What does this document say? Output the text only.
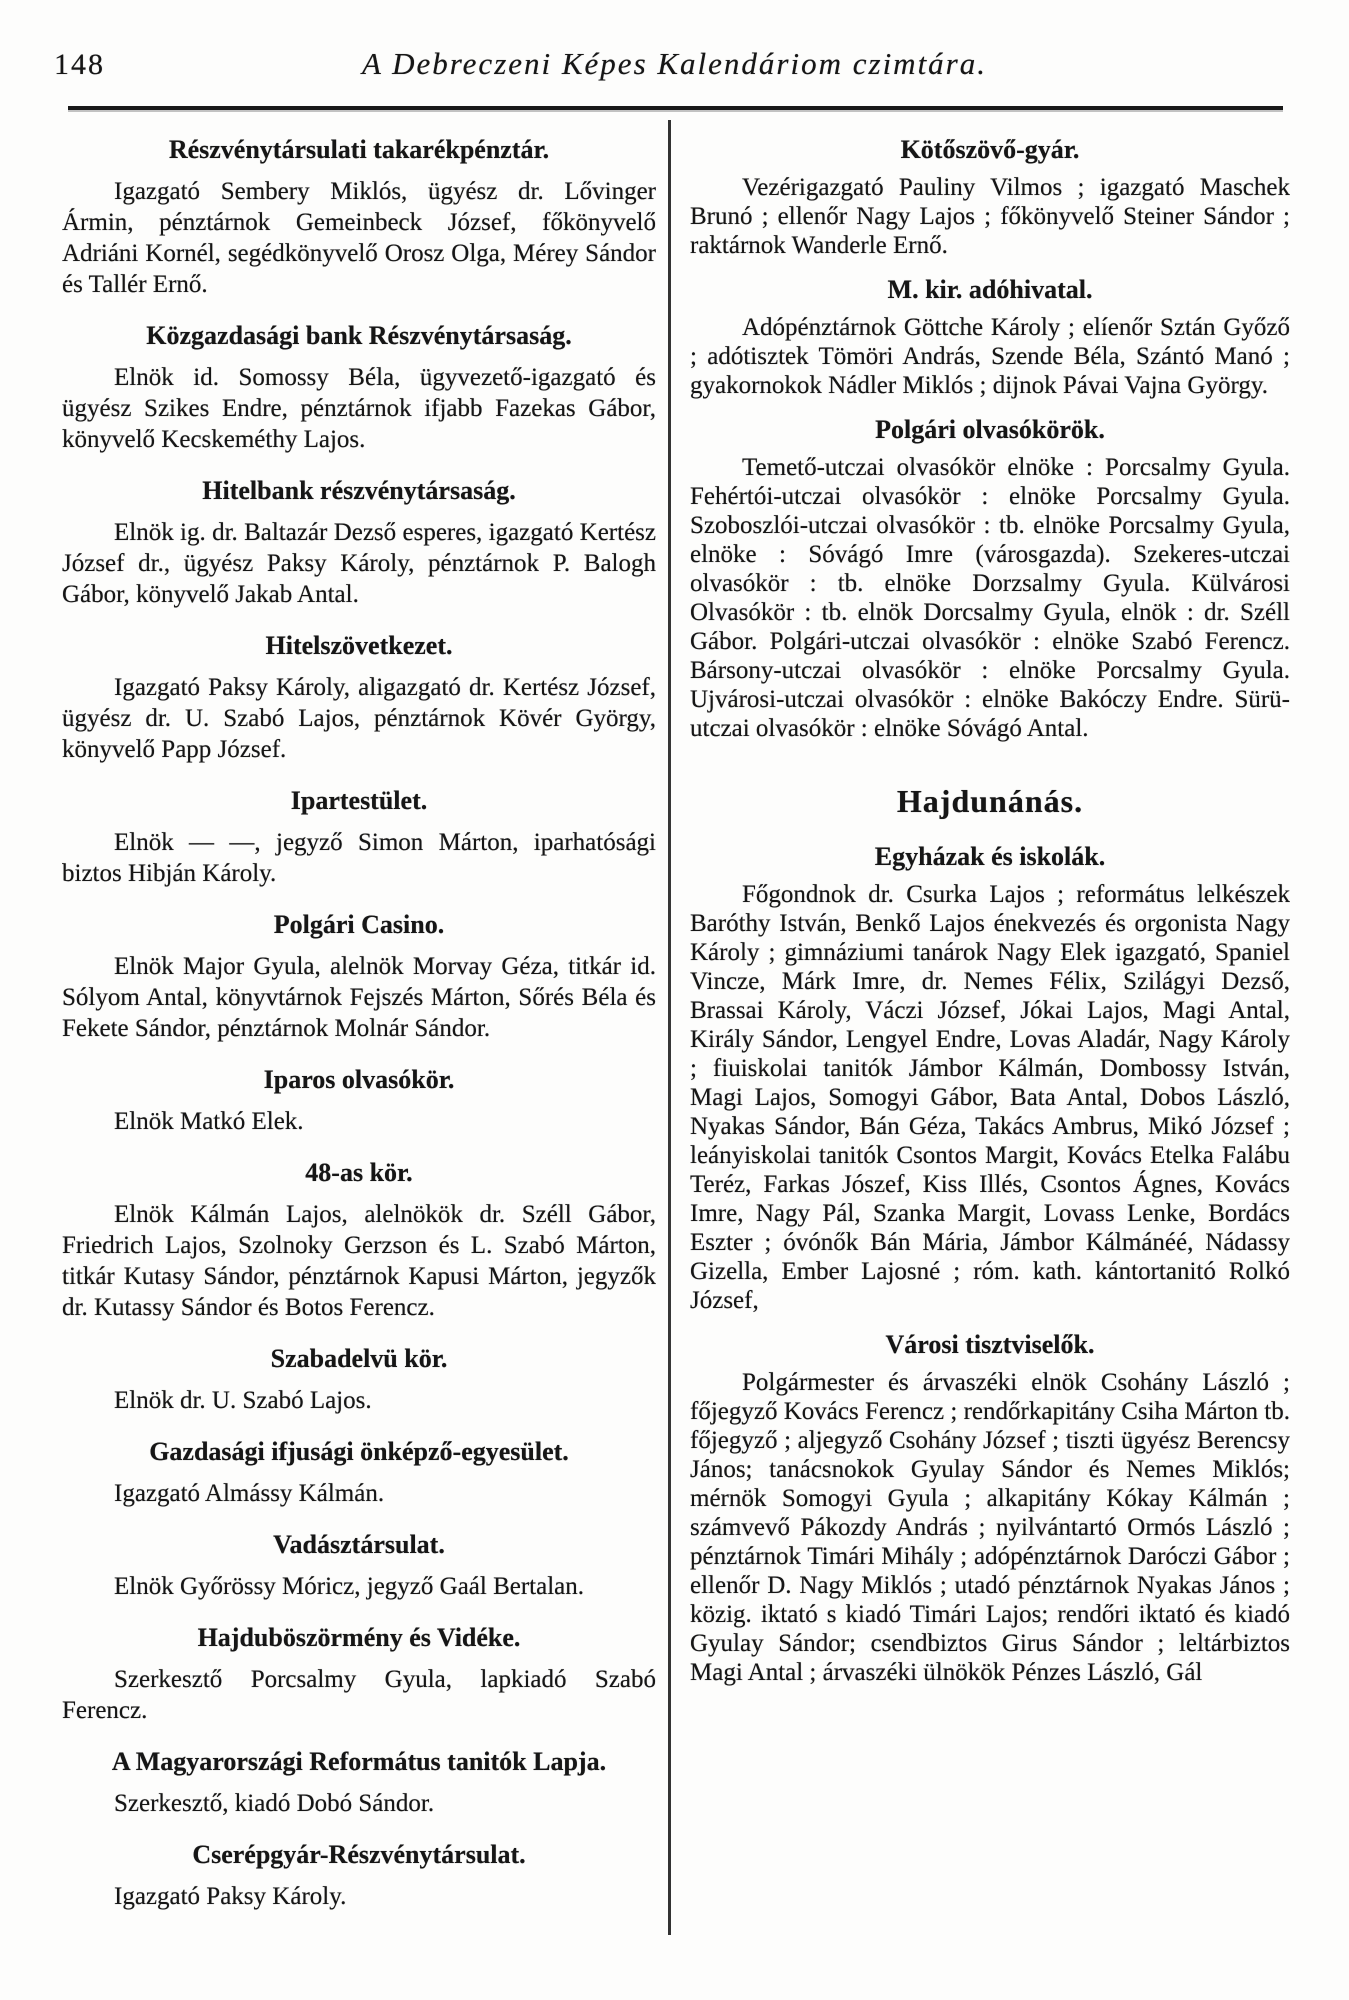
148	A Debreczeni Képes Kalendáriom czimtára.
Részvénytársulati takarékpénztár.

Igazgató Sembery Miklós, ügyész dr. Lővinger Ármin, pénztárnok Gemeinbeck József, főkönyvelő Adriáni Kornél, segédkönyvelő Orosz Olga, Mérey Sándor és Tallér Ernő.

Közgazdasági bank Részvénytársaság.

Elnök id. Somossy Béla, ügyvezető-igazgató és ügyész Szikes Endre, pénztárnok ifjabb Fazekas Gábor, könyvelő Kecskeméthy Lajos.

Hitelbank részvénytársaság.

Elnök ig. dr. Baltazár Dezső esperes, igazgató Kertész József dr., ügyész Paksy Károly, pénztárnok P. Balogh Gábor, könyvelő Jakab Antal.

Hitelszövetkezet.

Igazgató Paksy Károly, aligazgató dr. Kertész József, ügyész dr. U. Szabó Lajos, pénztárnok Kövér György, könyvelő Papp József.

Ipartestület.

Elnök — —, jegyző Simon Márton, iparhatósági biztos Hibján Károly.

Polgári Casino.

Elnök Major Gyula, alelnök Morvay Géza, titkár id. Sólyom Antal, könyvtárnok Fejszés Márton, Sőrés Béla és Fekete Sándor, pénztárnok Molnár Sándor.

Iparos olvasókör.

Elnök Matkó Elek.

48-as kör.

Elnök Kálmán Lajos, alelnökök dr. Széll Gábor, Friedrich Lajos, Szolnoky Gerzson és L. Szabó Márton, titkár Kutasy Sándor, pénztárnok Kapusi Márton, jegyzők dr. Kutassy Sándor és Botos Ferencz.

Szabadelvü kör.

Elnök dr. U. Szabó Lajos.

Gazdasági ifjusági önképző-egyesület.

Igazgató Almássy Kálmán.

Vadásztársulat.

Elnök Győrössy Móricz, jegyző Gaál Bertalan.

Hajduböszörmény és Vidéke.

Szerkesztő Porcsalmy Gyula, lapkiadó Szabó Ferencz.

A Magyarországi Református tanitók Lapja.

Szerkesztő, kiadó Dobó Sándor.

Cserépgyár-Részvénytársulat.

Igazgató Paksy Károly.

Kötőszövő-gyár.

Vezérigazgató Pauliny Vilmos ; igazgató Maschek Brunó ; ellenőr Nagy Lajos ; főkönyvelő Steiner Sándor ; raktárnok Wanderle Ernő.

M. kir. adóhivatal.

Adópénztárnok Göttche Károly ; elíenőr Sztán Győző ; adótisztek Tömöri András, Szende Béla, Szántó Manó ; gyakornokok Nádler Miklós ; dijnok Pávai Vajna György.

Polgári olvasókörök.

Temető-utczai olvasókör elnöke : Porcsalmy Gyula. Fehértói-utczai olvasókör : elnöke Porcsalmy Gyula. Szoboszlói-utczai olvasókör : tb. elnöke Porcsalmy Gyula, elnöke : Sóvágó Imre (városgazda). Szekeres-utczai olvasókör : tb. elnöke Dorzsalmy Gyula. Külvárosi Olvasókör : tb. elnök Dorcsalmy Gyula, elnök : dr. Széll Gábor. Polgári-utczai olvasókör : elnöke Szabó Ferencz. Bársony-utczai olvasókör : elnöke Porcsalmy Gyula. Ujvárosi-utczai olvasókör : elnöke Bakóczy Endre. Sürü-utczai olvasókör : elnöke Sóvágó Antal.

Hajdunánás.
Egyházak és iskolák.

Főgondnok dr. Csurka Lajos ; református lelkészek Baróthy István, Benkő Lajos énekvezés és orgonista Nagy Károly ; gimnáziumi tanárok Nagy Elek igazgató, Spaniel Vincze, Márk Imre, dr. Nemes Félix, Szilágyi Dezső, Brassai Károly, Váczi József, Jókai Lajos, Magi Antal, Király Sándor, Lengyel Endre, Lovas Aladár, Nagy Károly ; fiuiskolai tanitók Jámbor Kálmán, Dombossy István, Magi Lajos, Somogyi Gábor, Bata Antal, Dobos László, Nyakas Sándor, Bán Géza, Takács Ambrus, Mikó József ; leányiskolai tanitók Csontos Margit, Kovács Etelka Falábu Teréz, Farkas Jószef, Kiss Illés, Csontos Ágnes, Kovács Imre, Nagy Pál, Szanka Margit, Lovass Lenke, Bordács Eszter ; óvónők Bán Mária, Jámbor Kálmánéé, Nádassy Gizella, Ember Lajosné ; róm. kath. kántortanitó Rolkó József,

Városi tisztviselők.

Polgármester és árvaszéki elnök Csohány László ; főjegyző Kovács Ferencz ; rendőrkapitány Csiha Márton tb. főjegyző ; aljegyző Csohány József ; tiszti ügyész Berencsy János; tanácsnokok Gyulay Sándor és Nemes Miklós; mérnök Somogyi Gyula ; alkapitány Kókay Kálmán ; számvevő Pákozdy András ; nyilvántartó Ormós László ; pénztárnok Timári Mihály ; adópénztárnok Daróczi Gábor ; ellenőr D. Nagy Miklós ; utadó pénztárnok Nyakas János ; közig. iktató s kiadó Timári Lajos; rendőri iktató és kiadó Gyulay Sándor; csendbiztos Girus Sándor ; leltárbiztos Magi Antal ; árvaszéki ülnökök Pénzes László, Gál
